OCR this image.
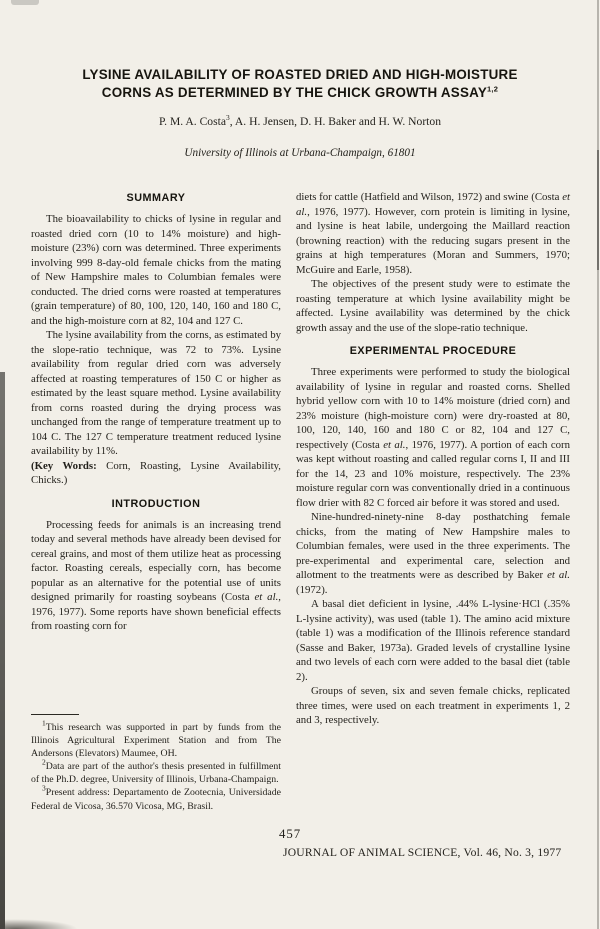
LYSINE AVAILABILITY OF ROASTED DRIED AND HIGH-MOISTURE
CORNS AS DETERMINED BY THE CHICK GROWTH ASSAY$^{1,2}$
P. M. A. Costa$^3$, A. H. Jensen, D. H. Baker and H. W. Norton
University of Illinois at Urbana-Champaign, 61801
SUMMARY

The bioavailability to chicks of lysine in regular and roasted dried corn (10 to 14% moisture) and high-moisture (23%) corn was determined. Three experiments involving 999 8-day-old female chicks from the mating of New Hampshire males to Columbian females were conducted. The dried corns were roasted at temperatures (grain temperature) of 80, 100, 120, 140, 160 and 180 C, and the high-moisture corn at 82, 104 and 127 C.

The lysine availability from the corns, as estimated by the slope-ratio technique, was 72 to 73%. Lysine availability from regular dried corn was adversely affected at roasting temperatures of 150 C or higher as estimated by the least square method. Lysine availability from corns roasted during the drying process was unchanged from the range of temperature treatment up to 104 C. The 127 C temperature treatment reduced lysine availability by 11%.

(Key Words: Corn, Roasting, Lysine Availability, Chicks.)

INTRODUCTION

Processing feeds for animals is an increasing trend today and several methods have already been devised for cereal grains, and most of them utilize heat as processing factor. Roasting cereals, especially corn, has become popular as an alternative for the potential use of units designed primarily for roasting soybeans (Costa et al., 1976, 1977). Some reports have shown beneficial effects from roasting corn for

diets for cattle (Hatfield and Wilson, 1972) and swine (Costa et al., 1976, 1977). However, corn protein is limiting in lysine, and lysine is heat labile, undergoing the Maillard reaction (browning reaction) with the reducing sugars present in the grains at high temperatures (Moran and Summers, 1970; McGuire and Earle, 1958).

The objectives of the present study were to estimate the roasting temperature at which lysine availability might be affected. Lysine availability was determined by the chick growth assay and the use of the slope-ratio technique.

EXPERIMENTAL PROCEDURE

Three experiments were performed to study the biological availability of lysine in regular and roasted corns. Shelled hybrid yellow corn with 10 to 14% moisture (dried corn) and 23% moisture (high-moisture corn) were dry-roasted at 80, 100, 120, 140, 160 and 180 C or 82, 104 and 127 C, respectively (Costa et al., 1976, 1977). A portion of each corn was kept without roasting and called regular corns I, II and III for the 14, 23 and 10% moisture, respectively. The 23% moisture regular corn was conventionally dried in a continuous flow drier with 82 C forced air before it was stored and used.

Nine-hundred-ninety-nine 8-day posthatching female chicks, from the mating of New Hampshire males to Columbian females, were used in the three experiments. The pre-experimental and experimental care, selection and allotment to the treatments were as described by Baker et al. (1972).

A basal diet deficient in lysine, .44% L-lysine·HCl (.35% L-lysine activity), was used (table 1). The amino acid mixture (table 1) was a modification of the Illinois reference standard (Sasse and Baker, 1973a). Graded levels of crystalline lysine and two levels of each corn were added to the basal diet (table 2).

Groups of seven, six and seven female chicks, replicated three times, were used on each treatment in experiments 1, 2 and 3, respectively.

$^1$This research was supported in part by funds from the Illinois Agricultural Experiment Station and from The Andersons (Elevators) Maumee, OH.

$^2$Data are part of the author's thesis presented in fulfillment of the Ph.D. degree, University of Illinois, Urbana-Champaign.

$^3$Present address: Departamento de Zootecnia, Universidade Federal de Vicosa, 36.570 Vicosa, MG, Brasil.

457
JOURNAL OF ANIMAL SCIENCE, Vol. 46, No. 3, 1977
